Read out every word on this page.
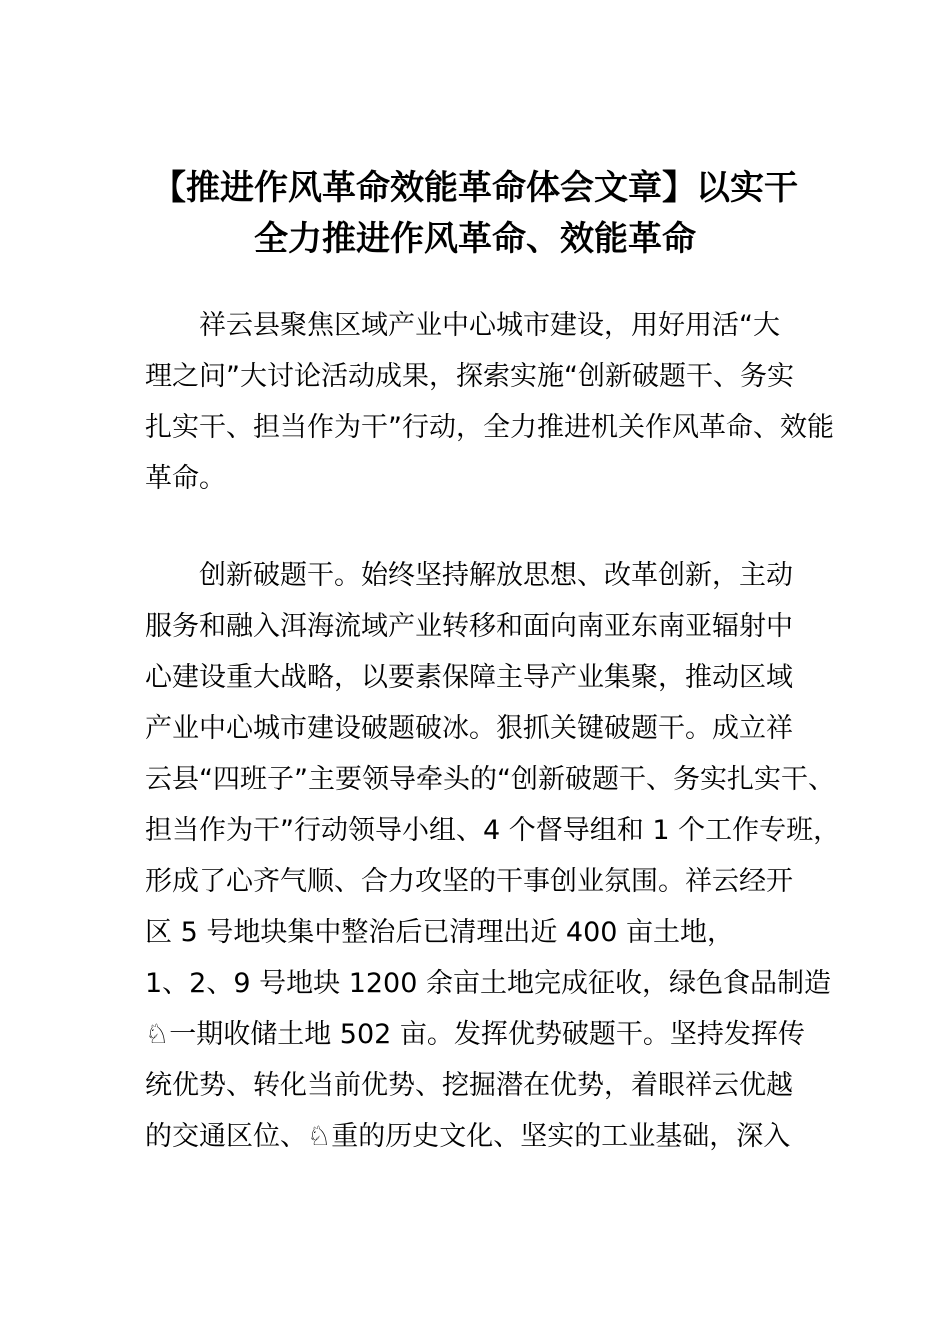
【推进作风革命效能革命体会文章】以实干
全力推进作风革命、效能革命

祥云县聚焦区域产业中心城市建设，用好用活“大

理之问”大讨论活动成果，探索实施“创新破题干、务实

扎实干、担当作为干”行动，全力推进机关作风革命、效能

革命。

创新破题干。始终坚持解放思想、改革创新，主动

服务和融入洱海流域产业转移和面向南亚东南亚辐射中

心建设重大战略，以要素保障主导产业集聚，推动区域

产业中心城市建设破题破冰。狠抓关键破题干。成立祥

云县“四班子”主要领导牵头的“创新破题干、务实扎实干、

担当作为干”行动领导小组、4 个督导组和 1 个工作专班，

形成了心齐气顺、合力攻坚的干事创业氛围。祥云经开

区 5 号地块集中整治后已清理出近 400 亩土地，

1、2、9 号地块 1200 余亩土地完成征收，绿色食品制造

♘一期收储土地 502 亩。发挥优势破题干。坚持发挥传

统优势、转化当前优势、挖掘潜在优势，着眼祥云优越

的交通区位、♘重的历史文化、坚实的工业基础，深入
